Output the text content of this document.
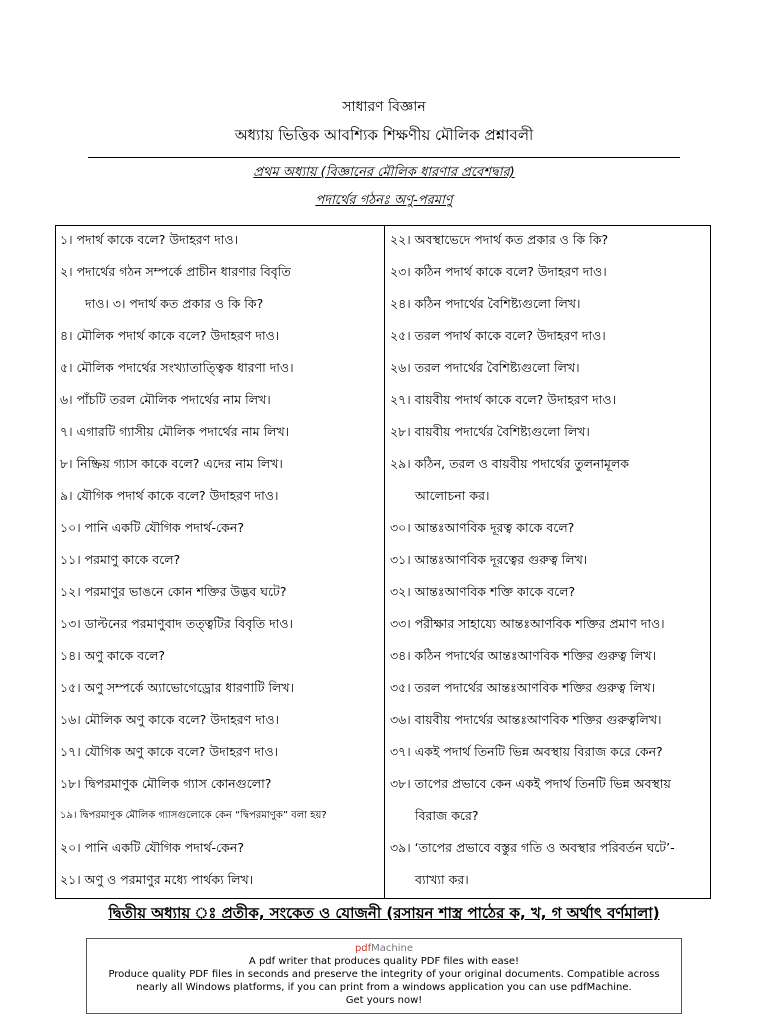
সাধারণ বিজ্ঞান
অধ্যায় ভিত্তিক আবশ্যিক শিক্ষণীয় মৌলিক প্রশ্নাবলী
প্রথম অধ্যায় (বিজ্ঞানের মৌলিক ধারণার প্রবেশদ্বার)
পদার্থের গঠনঃ অণু-পরমাণু
১। পদার্থ কাকে বলে? উদাহরণ দাও।
২। পদার্থের গঠন সম্পর্কে প্রাচীন ধারণার বিবৃতি
দাও। ৩। পদার্থ কত প্রকার ও কি কি?
৪। মৌলিক পদার্থ কাকে বলে? উদাহরণ দাও।
৫। মৌলিক পদার্থের সংখ্যাতাত্ত্বিক ধারণা দাও।
৬। পাঁচটি তরল মৌলিক পদার্থের নাম লিখ।
৭। এগারটি গ্যাসীয় মৌলিক পদার্থের নাম লিখ।
৮। নিষ্ক্রিয় গ্যাস কাকে বলে? এদের নাম লিখ।
৯। যৌগিক পদার্থ কাকে বলে? উদাহরণ দাও।
১০। পানি একটি যৌগিক পদার্থ-কেন?
১১। পরমাণু কাকে বলে?
১২। পরমাণুর ভাঙনে কোন শক্তির উদ্ভব ঘটে?
১৩। ডাল্টনের পরমাণুবাদ তত্ত্বটির বিবৃতি দাও।
১৪। অণু কাকে বলে?
১৫। অণু সম্পর্কে অ্যাভোগেড্রোর ধারণাটি লিখ।
১৬। মৌলিক অণু কাকে বলে? উদাহরণ দাও।
১৭। যৌগিক অণু কাকে বলে? উদাহরণ দাও।
১৮। দ্বিপরমাণুক মৌলিক গ্যাস কোনগুলো?
১৯। দ্বিপরমাণুক মৌলিক গ্যাসগুলোকে কেন “দ্বিপরমাণুক” বলা হয়?
২০। পানি একটি যৌগিক পদার্থ-কেন?
২১। অণু ও পরমাণুর মধ্যে পার্থক্য লিখ।
২২। অবস্থাভেদে পদার্থ কত প্রকার ও কি কি?
২৩। কঠিন পদার্থ কাকে বলে? উদাহরণ দাও।
২৪। কঠিন পদার্থের বৈশিষ্ট্যগুলো লিখ।
২৫। তরল পদার্থ কাকে বলে? উদাহরণ দাও।
২৬। তরল পদার্থের বৈশিষ্ট্যগুলো লিখ।
২৭। বায়বীয় পদার্থ কাকে বলে? উদাহরণ দাও।
২৮। বায়বীয় পদার্থের বৈশিষ্ট্যগুলো লিখ।
২৯। কঠিন, তরল ও বায়বীয় পদার্থের তুলনামূলক
আলোচনা কর।
৩০। আন্তঃআণবিক দূরত্ব কাকে বলে?
৩১। আন্তঃআণবিক দূরত্বের গুরুত্ব লিখ।
৩২। আন্তঃআণবিক শক্তি কাকে বলে?
৩৩। পরীক্ষার সাহায্যে আন্তঃআণবিক শক্তির প্রমাণ দাও।
৩৪। কঠিন পদার্থের আন্তঃআণবিক শক্তির গুরুত্ব লিখ।
৩৫। তরল পদার্থের আন্তঃআণবিক শক্তির গুরুত্ব লিখ।
৩৬। বায়বীয় পদার্থের আন্তঃআণবিক শক্তির গুরুত্বলিখ।
৩৭। একই পদার্থ তিনটি ভিন্ন অবস্থায় বিরাজ করে কেন?
৩৮। তাপের প্রভাবে কেন একই পদার্থ তিনটি ভিন্ন অবস্থায়
বিরাজ করে?
৩৯। ‘তাপের প্রভাবে বস্তুর গতি ও অবস্থার পরিবর্তন ঘটে’-
ব্যাখ্যা কর।
দ্বিতীয় অধ্যায় ঃ প্রতীক, সংকেত ও যোজনী (রসায়ন শাস্ত্র পাঠের ক, খ, গ অর্থাৎ বর্ণমালা)
pdfMachine
A pdf writer that produces quality PDF files with ease!
Produce quality PDF files in seconds and preserve the integrity of your original documents. Compatible across
nearly all Windows platforms, if you can print from a windows application you can use pdfMachine.
Get yours now!
